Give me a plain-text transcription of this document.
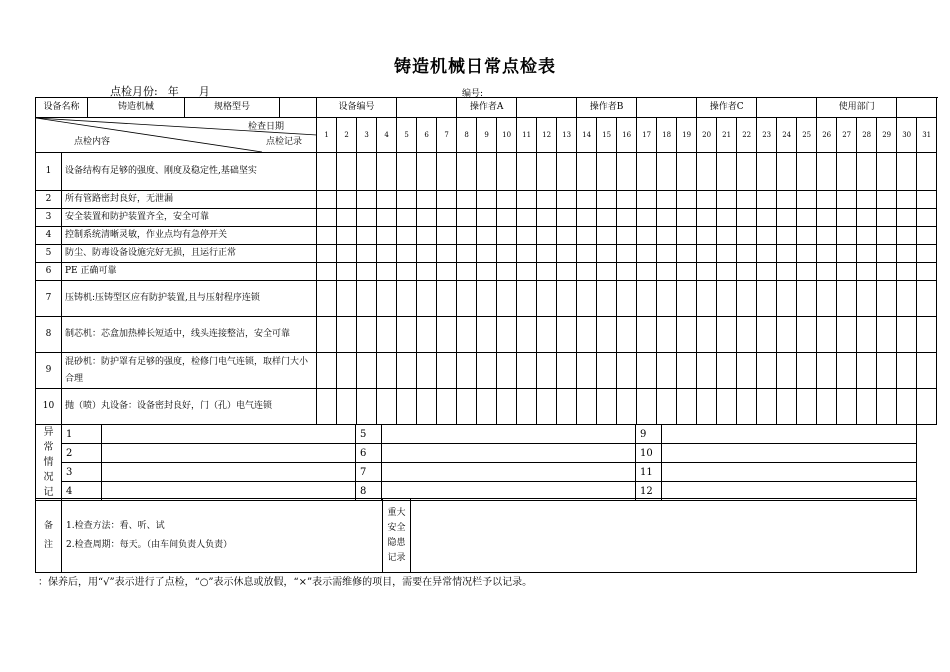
铸造机械日常点检表
点检月份: 年 月	编号:
设备名称		铸造机械	规格型号		设备编号							操作者A						操作者B						操作者C						使用部门					

检查日期
点检内容 点检记录					1	2	3	4	5	6	7	8	9	10	11	12	13	14	15	16	17	18	19	20	21	22	23	24	25	26	27	28	29	30	31
1	设备结构有足够的强度、刚度及稳定性,基础坚实																																		
2	所有管路密封良好，无泄漏																																		
3	安全装置和防护装置齐全，安全可靠																																		
4	控制系统清晰灵敏，作业点均有急停开关																																		
5	防尘、防毒设备设施完好无损，且运行正常																																		
6	PE 正确可靠																																		
7	压铸机:压铸型区应有防护装置,且与压射程序连锁																																		
8	制芯机：芯盒加热棒长短适中，线头连接整洁，安全可靠																																		
9	混砂机：防护罩有足够的强度，检修门电气连锁，取样门大小合理																																		
10	抛（喷）丸设备：设备密封良好，门（孔）电气连锁																																		
异
常
情
况
记	1		5		9	
	2		6		10	
	3		7		11	
	4		8		12	
备
注

1.检查方法：看、听、试
2.检查周期：每天。（由车间负责人负责）

重大
安全
隐患
记录

：保养后，用“√”表示进行了点检，“○”表示休息或放假，“×”表示需维修的项目，需要在异常情况栏予以记录。
